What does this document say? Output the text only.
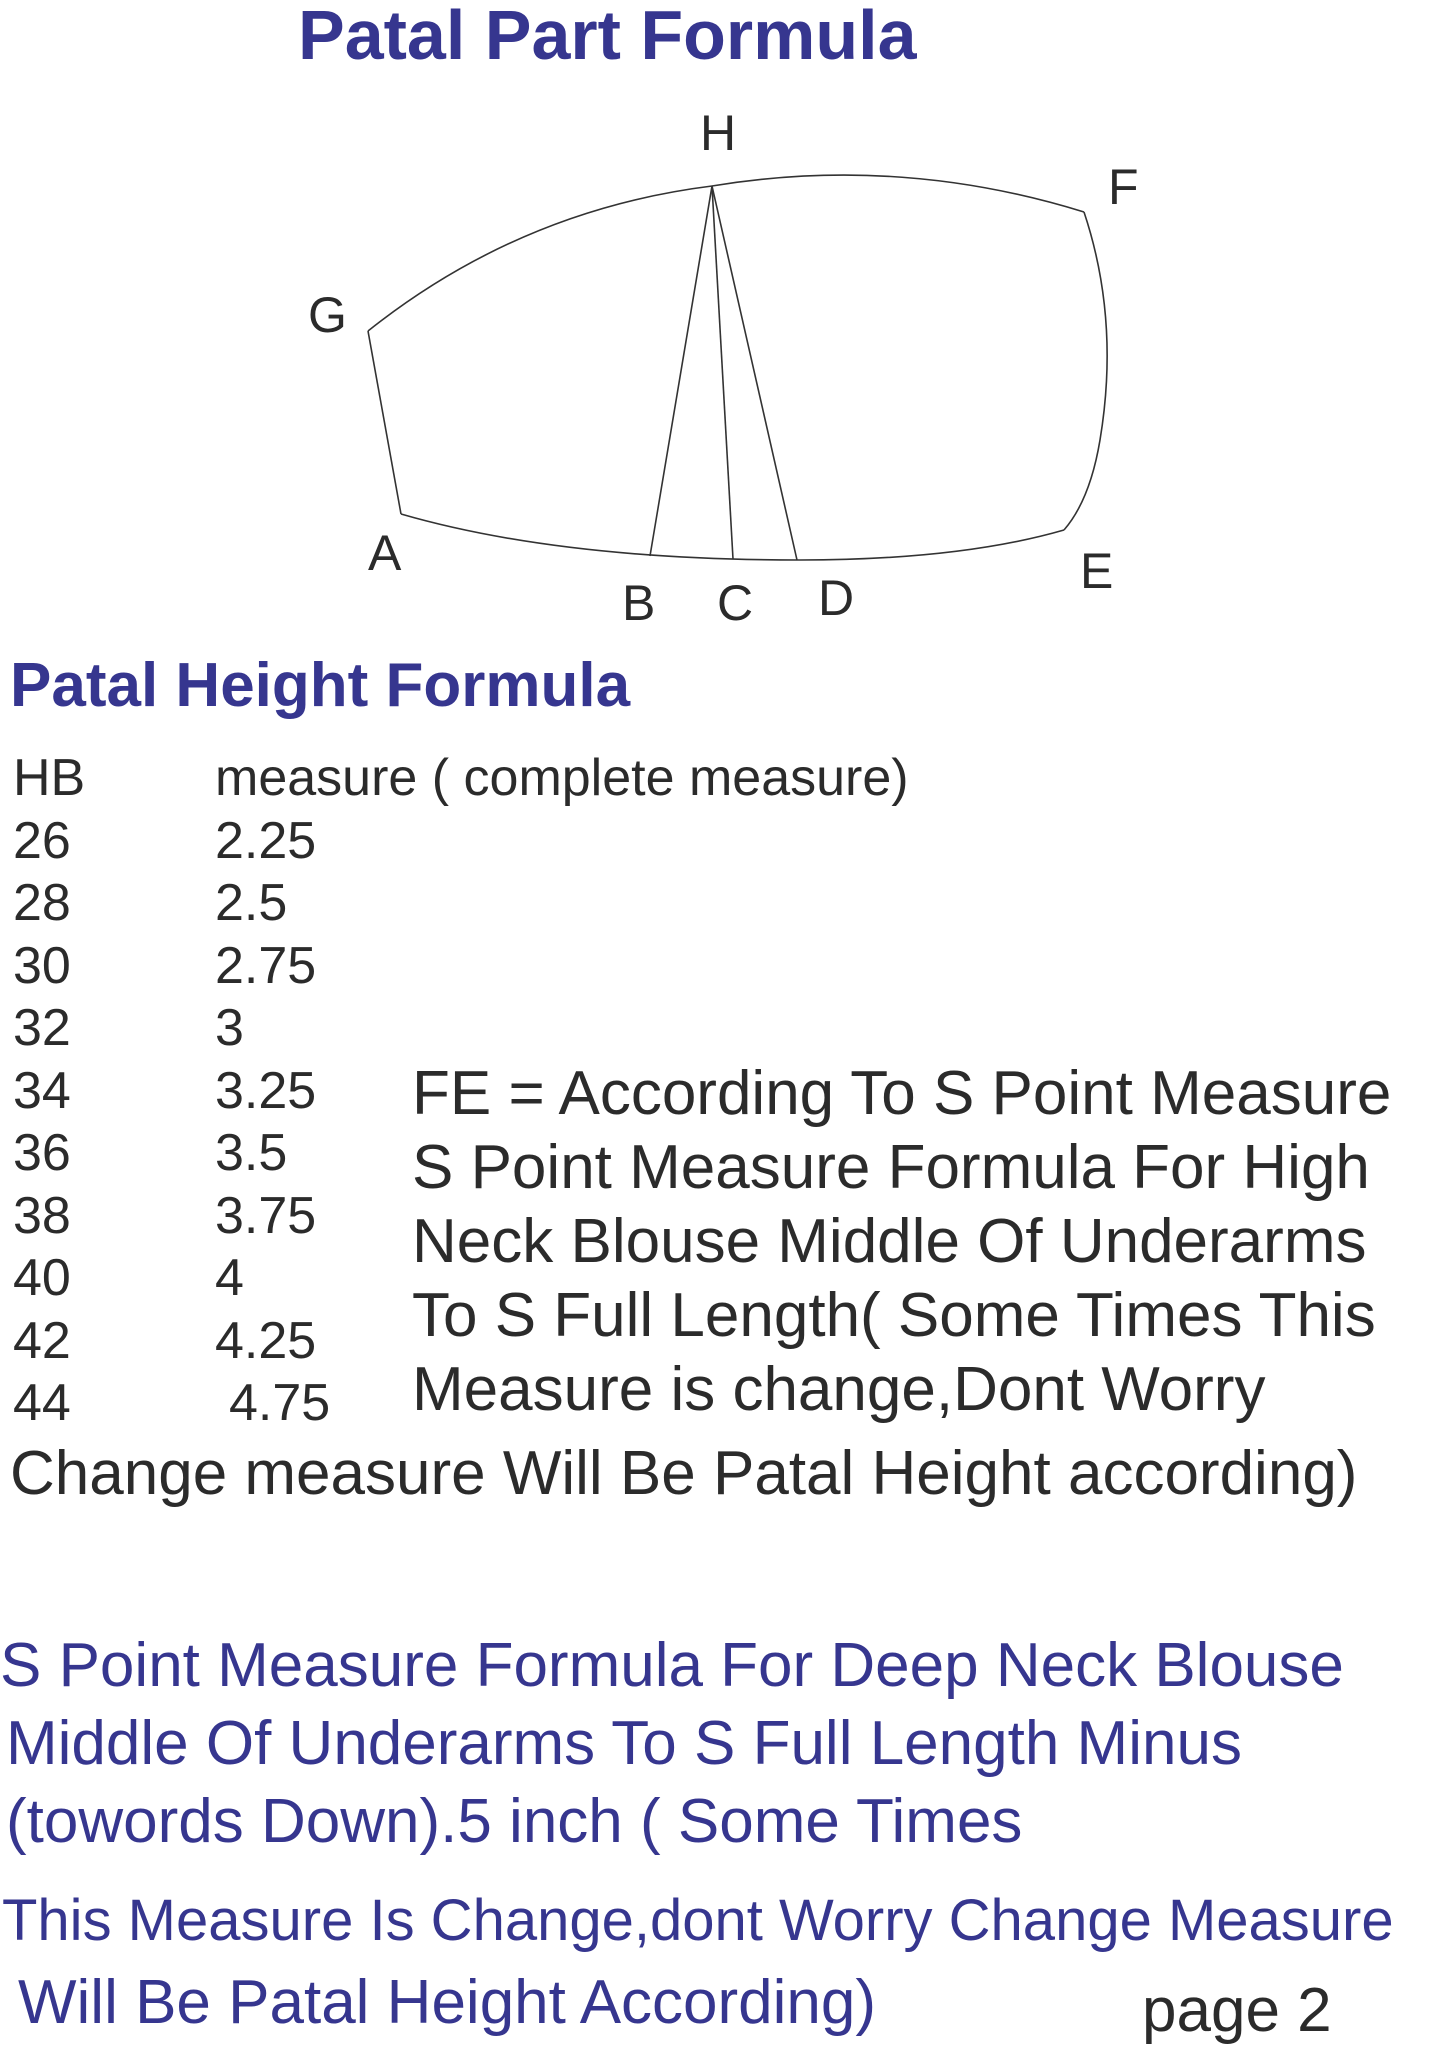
Patal Part Formula
H
F
G
A
B C D	E
Patal Height Formula
HB measure ( complete measure)
26	2.25
28	2.5
30	2.75
32	3
34	3.25
36	3.5
38	3.75
40	4
42	4.25
44	4.75
FE = According To S Point Measure
S Point Measure Formula For High
Neck Blouse Middle Of Underarms
To S Full Length( Some Times This
Measure is change,Dont Worry
Change measure Will Be Patal Height according)
S Point Measure Formula For Deep Neck Blouse
Middle Of Underarms To S Full Length Minus
(towords Down).5 inch ( Some Times
This Measure Is Change,dont Worry Change Measure
Will Be Patal Height According)	page 2
